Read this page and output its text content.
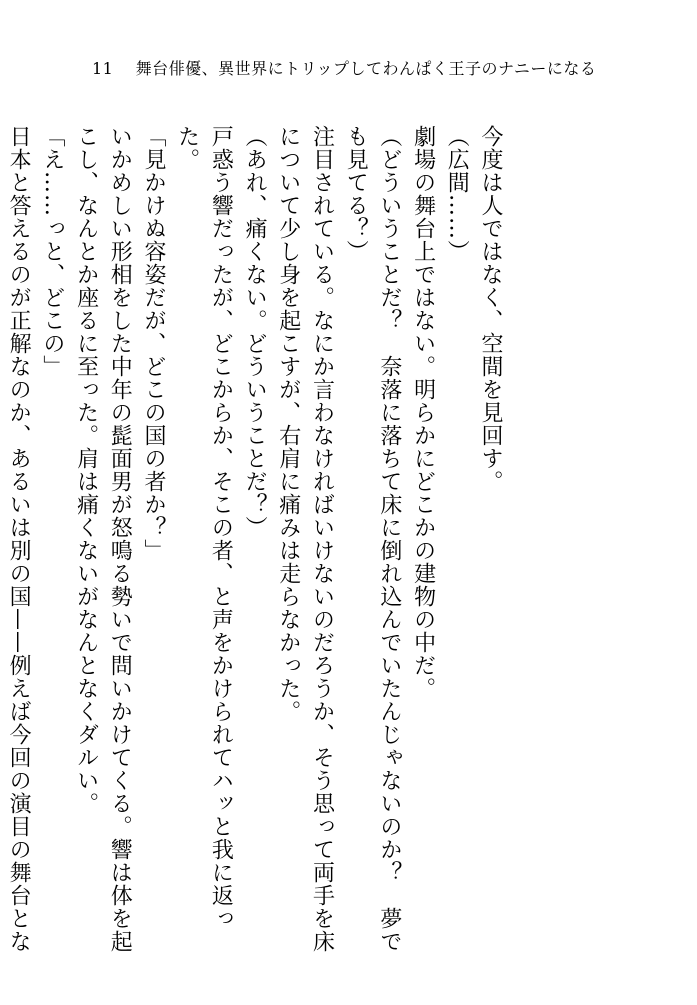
11 舞台俳優、異世界にトリップしてわんぱく王子のナニーになる

今度は人ではなく、空間を見回す。

（広間……）

劇場の舞台上ではない。明らかにどこかの建物の中だ。

（どういうことだ？　奈落に落ちて床に倒れ込んでいたんじゃないのか？　夢でも見てる？）

注目されている。なにか言わなければいけないのだろうか、そう思って両手を床について少し身を起こすが、右肩に痛みは走らなかった。

（あれ、痛くない。どういうことだ？）

戸惑う響だったが、どこからか、そこの者、と声をかけられてハッと我に返った。

「見かけぬ容姿だが、どこの国の者か？」

いかめしい形相をした中年の髭面男が怒鳴る勢いで問いかけてくる。響は体を起こし、なんとか座るに至った。肩は痛くないがなんとなくダルい。

「え……っと、どこの」

日本と答えるのが正解なのか、あるいは別の国——例えば今回の演目の舞台とな
